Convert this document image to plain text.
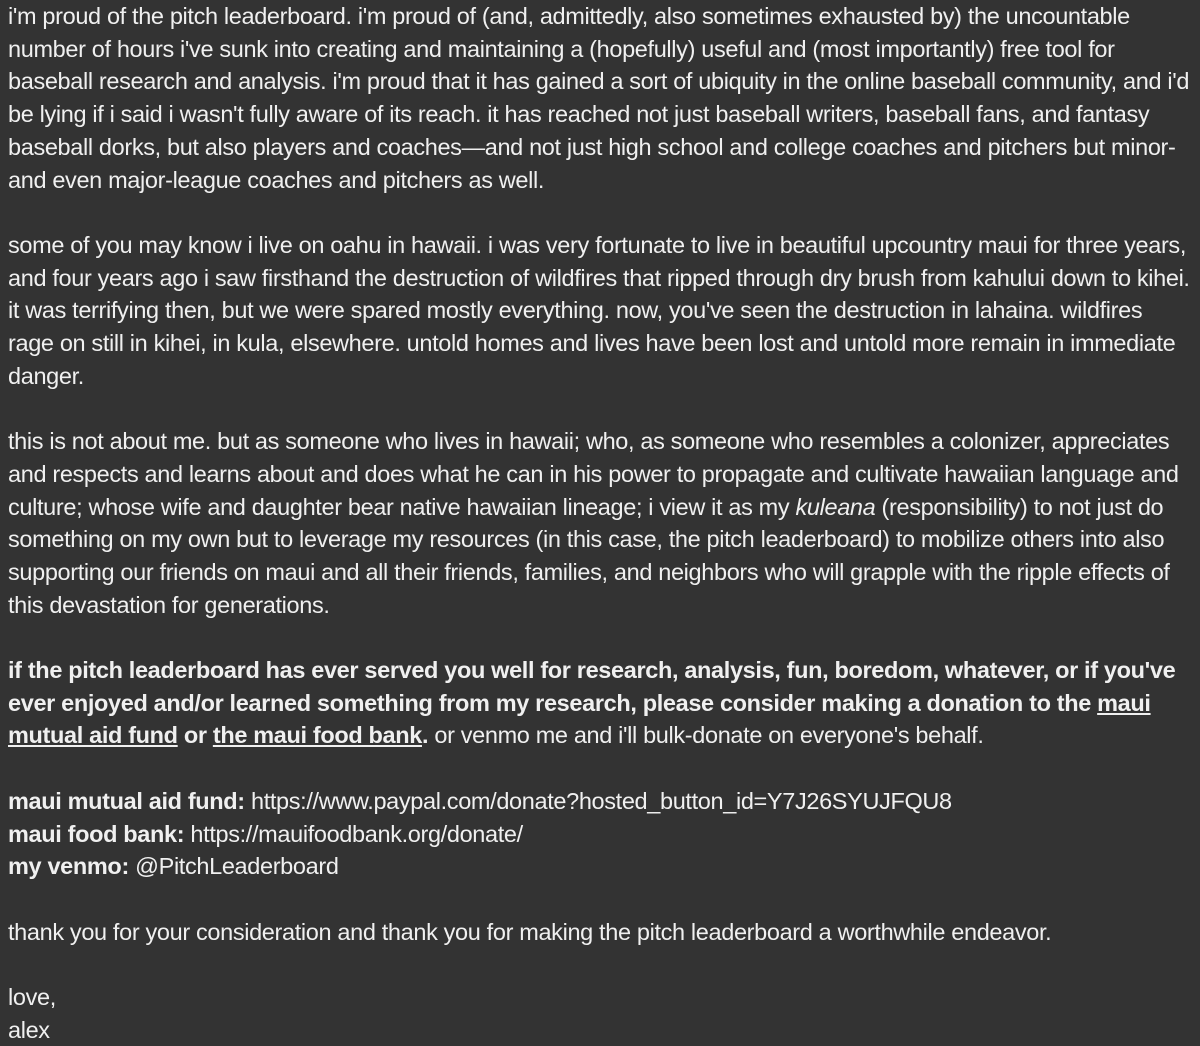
i'm proud of the pitch leaderboard. i'm proud of (and, admittedly, also sometimes exhausted by) the uncountable number of hours i've sunk into creating and maintaining a (hopefully) useful and (most importantly) free tool for baseball research and analysis. i'm proud that it has gained a sort of ubiquity in the online baseball community, and i'd be lying if i said i wasn't fully aware of its reach. it has reached not just baseball writers, baseball fans, and fantasy baseball dorks, but also players and coaches—and not just high school and college coaches and pitchers but minor- and even major-league coaches and pitchers as well.

some of you may know i live on oahu in hawaii. i was very fortunate to live in beautiful upcountry maui for three years, and four years ago i saw firsthand the destruction of wildfires that ripped through dry brush from kahului down to kihei. it was terrifying then, but we were spared mostly everything. now, you've seen the destruction in lahaina. wildfires rage on still in kihei, in kula, elsewhere. untold homes and lives have been lost and untold more remain in immediate danger.

this is not about me. but as someone who lives in hawaii; who, as someone who resembles a colonizer, appreciates and respects and learns about and does what he can in his power to propagate and cultivate hawaiian language and culture; whose wife and daughter bear native hawaiian lineage; i view it as my kuleana (responsibility) to not just do something on my own but to leverage my resources (in this case, the pitch leaderboard) to mobilize others into also supporting our friends on maui and all their friends, families, and neighbors who will grapple with the ripple effects of this devastation for generations.

if the pitch leaderboard has ever served you well for research, analysis, fun, boredom, whatever, or if you've ever enjoyed and/or learned something from my research, please consider making a donation to the maui mutual aid fund or the maui food bank. or venmo me and i'll bulk-donate on everyone's behalf.

maui mutual aid fund: https://www.paypal.com/donate?hosted_button_id=Y7J26SYUJFQU8

maui food bank: https://mauifoodbank.org/donate/

my venmo: @PitchLeaderboard

thank you for your consideration and thank you for making the pitch leaderboard a worthwhile endeavor.

love,

alex
